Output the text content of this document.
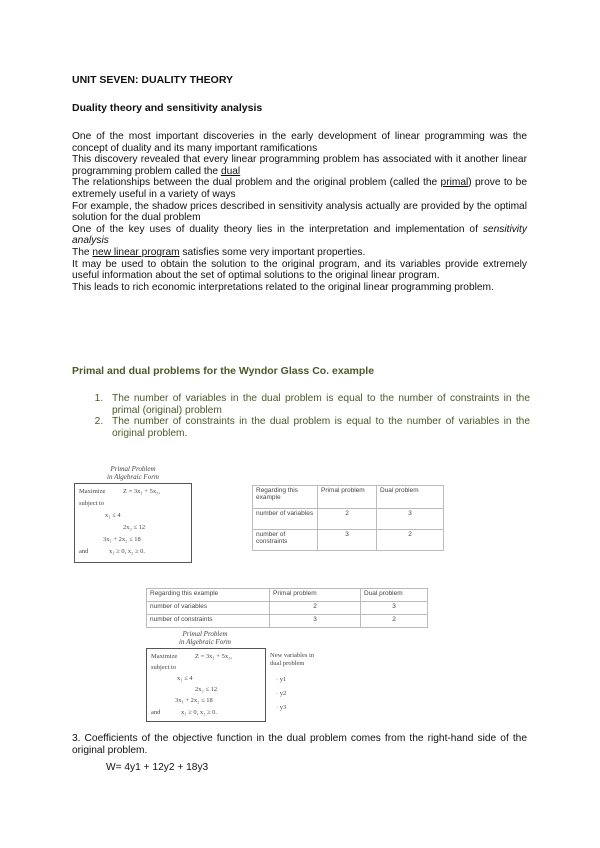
UNIT SEVEN: DUALITY THEORY
Duality theory and sensitivity analysis

One of the most important discoveries in the early development of linear programming was the concept of duality and its many important ramifications

This discovery revealed that every linear programming problem has associated with it another linear programming problem called the dual

The relationships between the dual problem and the original problem (called the primal) prove to be extremely useful in a variety of ways

For example, the shadow prices described in sensitivity analysis actually are provided by the optimal solution for the dual problem

One of the key uses of duality theory lies in the interpretation and implementation of sensitivity analysis

The new linear program satisfies some very important properties.

It may be used to obtain the solution to the original program, and its variables provide extremely useful information about the set of optimal solutions to the original linear program.

This leads to rich economic interpretations related to the original linear programming problem.

Primal and dual problems for the Wyndor Glass Co. example
1. The number of variables in the dual problem is equal to the number of constraints in the primal (original) problem
2. The number of constraints in the dual problem is equal to the number of variables in the original problem.
Primal Problem
in Algebraic Form
Maximize	Z = 3x₁ + 5x₂,
subject to
x₁ ≤ 4
2x₂ ≤ 12
3x₁ + 2x₂ ≤ 18
and	x₁ ≥ 0, x₂ ≥ 0.
Regarding this example	Primal problem	Dual problem
number of variables	2	3
number of constraints	3	2
Regarding this example	Primal problem	Dual problem
number of variables	2	3
number of constraints	3	2
Primal Problem
in Algebraic Form
Maximize	Z = 3x₁ + 5x₂,
subject to
x₁ ≤ 4
2x₂ ≤ 12
3x₁ + 2x₂ ≤ 18
and	x₁ ≥ 0, x₂ ≥ 0.
New variables in
dual problem
· y1
· y2
· y3
3. Coefficients of the objective function in the dual problem comes from the right-hand side of the original problem.
W= 4y1 + 12y2 + 18y3
